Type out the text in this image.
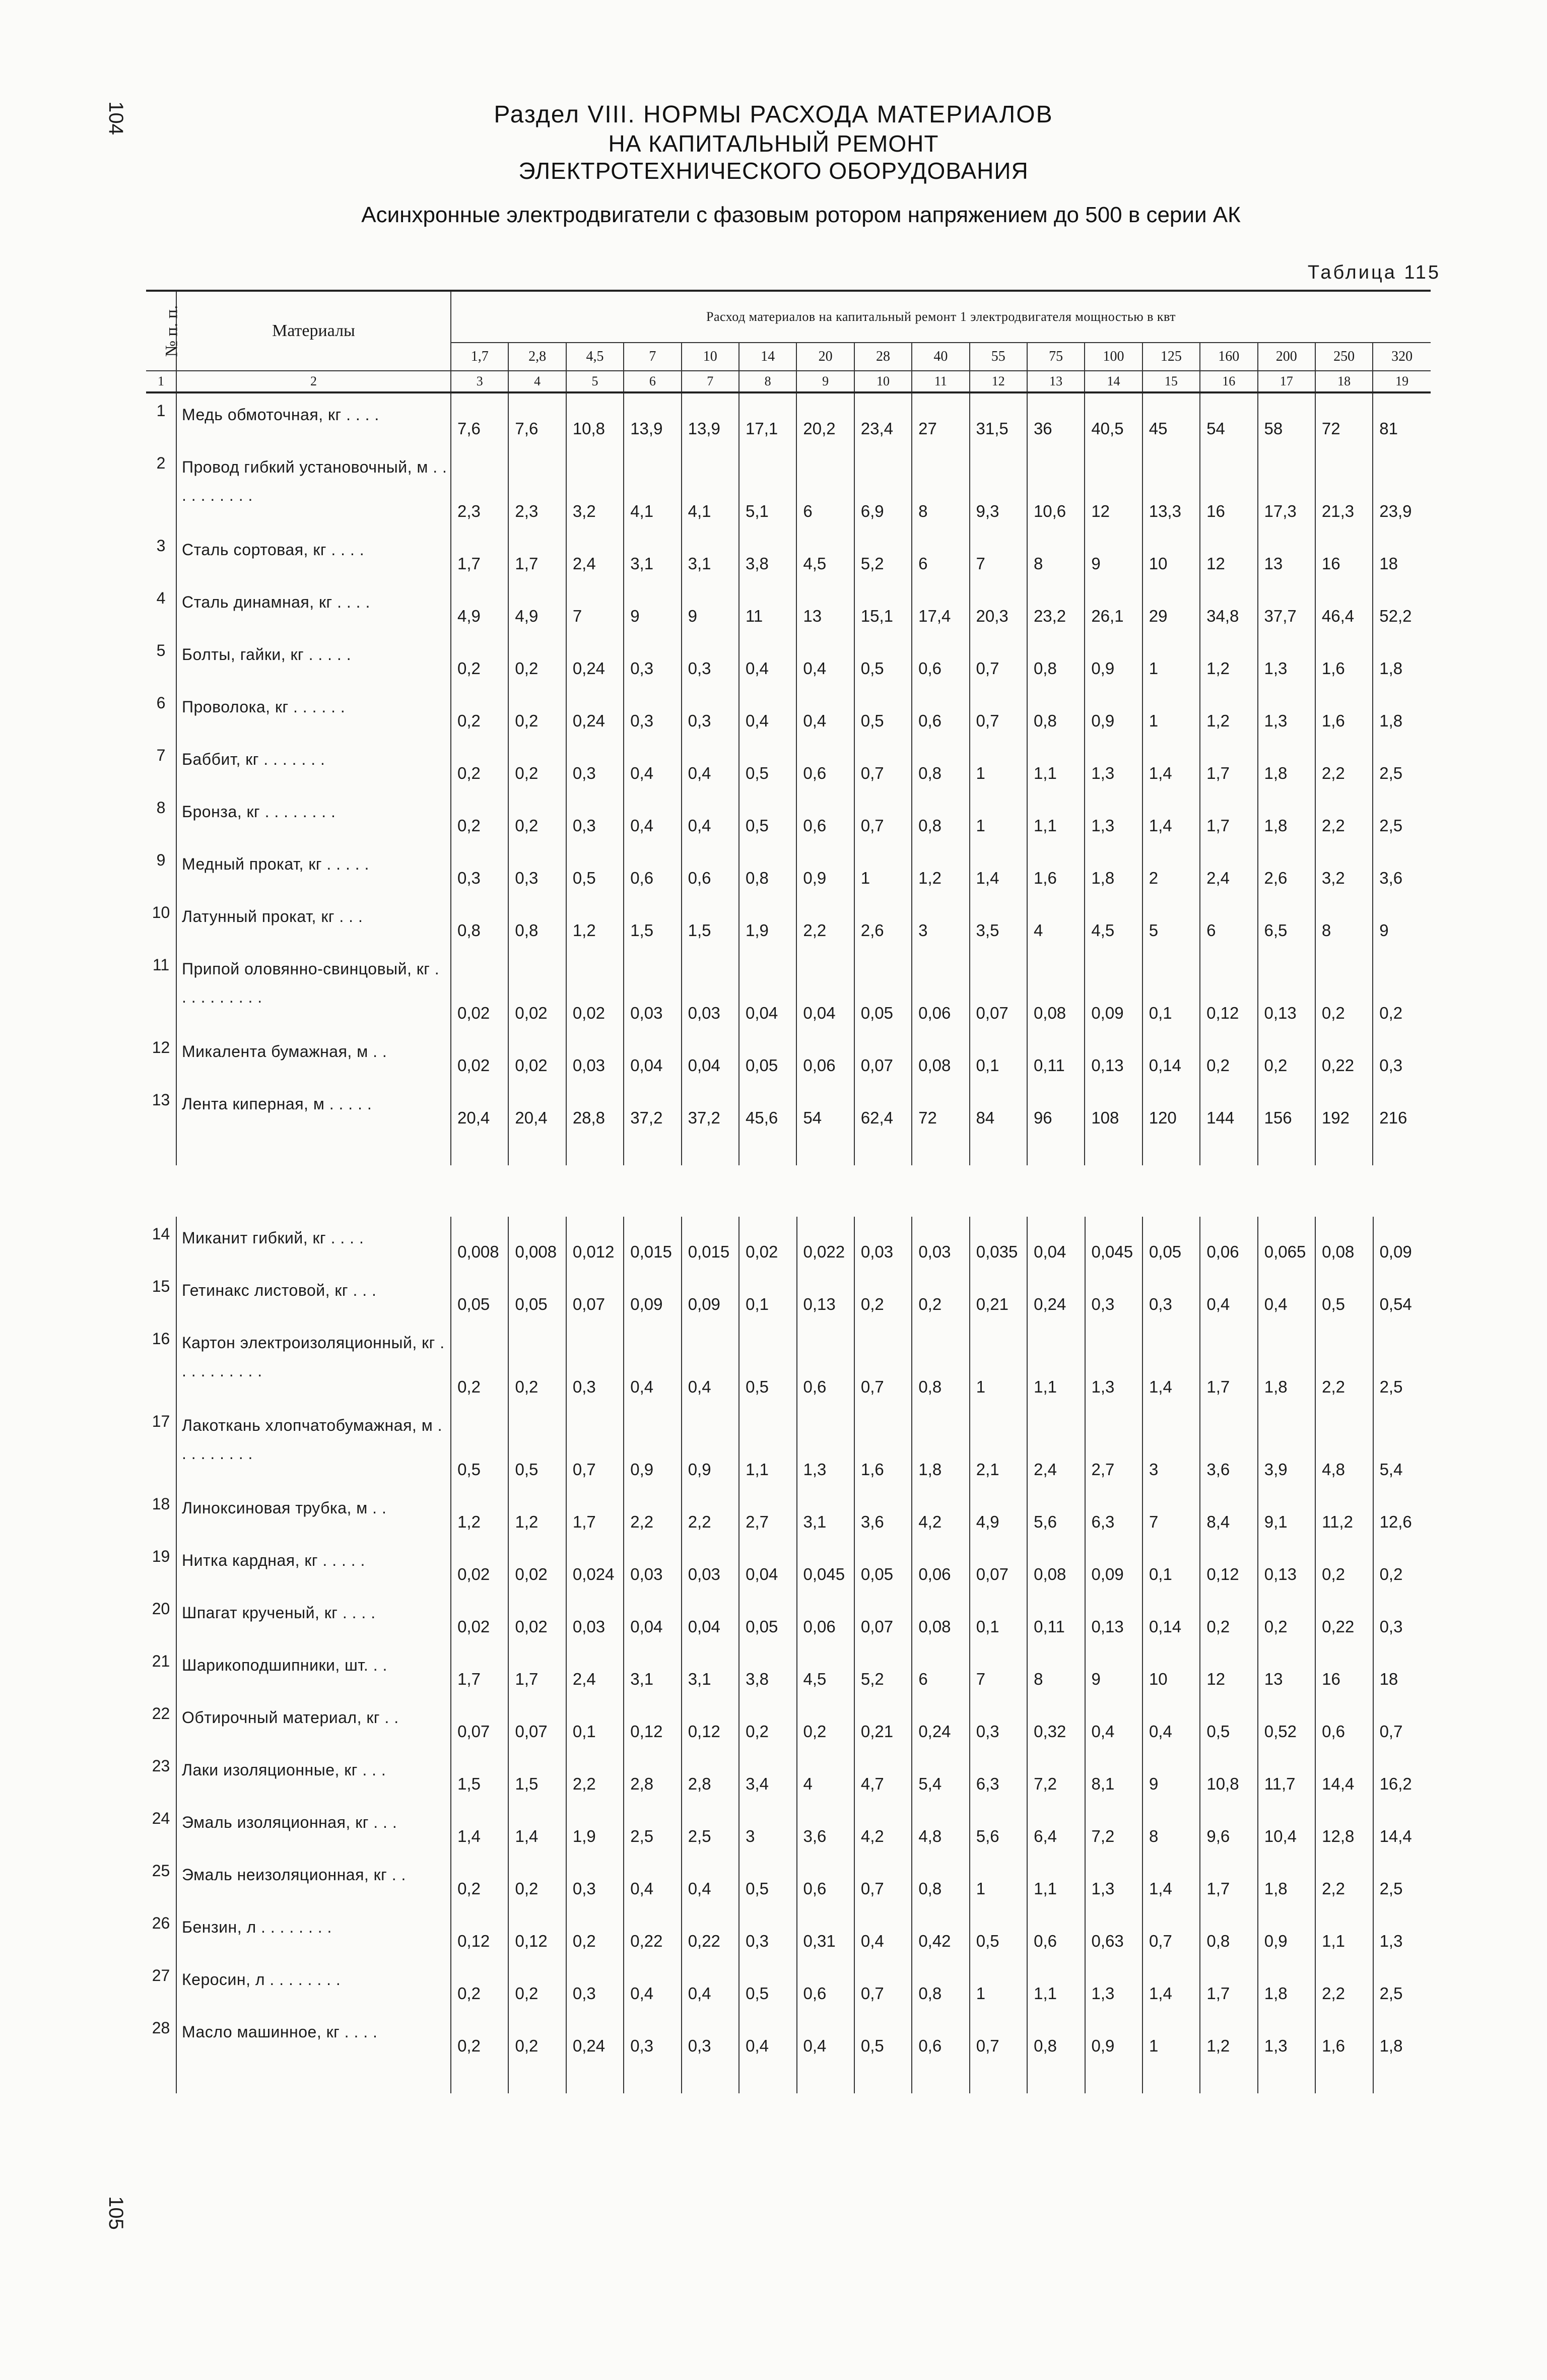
104
105
Раздел VIII. НОРМЫ РАСХОДА МАТЕРИАЛОВ
НА КАПИТАЛЬНЫЙ РЕМОНТ
ЭЛЕКТРОТЕХНИЧЕСКОГО ОБОРУДОВАНИЯ
Асинхронные электродвигатели с фазовым ротором напряжением до 500 в серии АК
Таблица 115
№ п. п.	Материалы	Расход материалов на капитальный ремонт 1 электродвигателя мощностью в квт																
		1,7	2,8	4,5	7	10	14	20	28	40	55	75	100	125	160	200	250	320
1	2	3	4	5	6	7	8	9	10	11	12	13	14	15	16	17	18	19
1	Медь обмоточная, кг . . . .	7,6	7,6	10,8	13,9	13,9	17,1	20,2	23,4	27	31,5	36	40,5	45	54	58	72	81
2	Провод гибкий установочный, м . . . . . . . . . .	2,3	2,3	3,2	4,1	4,1	5,1	6	6,9	8	9,3	10,6	12	13,3	16	17,3	21,3	23,9
3	Сталь сортовая, кг . . . .	1,7	1,7	2,4	3,1	3,1	3,8	4,5	5,2	6	7	8	9	10	12	13	16	18
4	Сталь динамная, кг . . . .	4,9	4,9	7	9	9	11	13	15,1	17,4	20,3	23,2	26,1	29	34,8	37,7	46,4	52,2
5	Болты, гайки, кг . . . . .	0,2	0,2	0,24	0,3	0,3	0,4	0,4	0,5	0,6	0,7	0,8	0,9	1	1,2	1,3	1,6	1,8
6	Проволока, кг . . . . . .	0,2	0,2	0,24	0,3	0,3	0,4	0,4	0,5	0,6	0,7	0,8	0,9	1	1,2	1,3	1,6	1,8
7	Баббит, кг . . . . . . .	0,2	0,2	0,3	0,4	0,4	0,5	0,6	0,7	0,8	1	1,1	1,3	1,4	1,7	1,8	2,2	2,5
8	Бронза, кг . . . . . . . .	0,2	0,2	0,3	0,4	0,4	0,5	0,6	0,7	0,8	1	1,1	1,3	1,4	1,7	1,8	2,2	2,5
9	Медный прокат, кг . . . . .	0,3	0,3	0,5	0,6	0,6	0,8	0,9	1	1,2	1,4	1,6	1,8	2	2,4	2,6	3,2	3,6
10	Латунный прокат, кг . . .	0,8	0,8	1,2	1,5	1,5	1,9	2,2	2,6	3	3,5	4	4,5	5	6	6,5	8	9
11	Припой оловянно-свинцовый, кг . . . . . . . . . .	0,02	0,02	0,02	0,03	0,03	0,04	0,04	0,05	0,06	0,07	0,08	0,09	0,1	0,12	0,13	0,2	0,2
12	Микалента бумажная, м . .	0,02	0,02	0,03	0,04	0,04	0,05	0,06	0,07	0,08	0,1	0,11	0,13	0,14	0,2	0,2	0,22	0,3
13	Лента киперная, м . . . . .	20,4	20,4	28,8	37,2	37,2	45,6	54	62,4	72	84	96	108	120	144	156	192	216

14	Миканит гибкий, кг . . . .	0,008	0,008	0,012	0,015	0,015	0,02	0,022	0,03	0,03	0,035	0,04	0,045	0,05	0,06	0,065	0,08	0,09
15	Гетинакс листовой, кг . . .	0,05	0,05	0,07	0,09	0,09	0,1	0,13	0,2	0,2	0,21	0,24	0,3	0,3	0,4	0,4	0,5	0,54
16	Картон электроизоляционный, кг . . . . . . . . . .	0,2	0,2	0,3	0,4	0,4	0,5	0,6	0,7	0,8	1	1,1	1,3	1,4	1,7	1,8	2,2	2,5
17	Лакоткань хлопчатобумажная, м . . . . . . . . .	0,5	0,5	0,7	0,9	0,9	1,1	1,3	1,6	1,8	2,1	2,4	2,7	3	3,6	3,9	4,8	5,4
18	Линоксиновая трубка, м . .	1,2	1,2	1,7	2,2	2,2	2,7	3,1	3,6	4,2	4,9	5,6	6,3	7	8,4	9,1	11,2	12,6
19	Нитка кардная, кг . . . . .	0,02	0,02	0,024	0,03	0,03	0,04	0,045	0,05	0,06	0,07	0,08	0,09	0,1	0,12	0,13	0,2	0,2
20	Шпагат крученый, кг . . . .	0,02	0,02	0,03	0,04	0,04	0,05	0,06	0,07	0,08	0,1	0,11	0,13	0,14	0,2	0,2	0,22	0,3
21	Шарикоподшипники, шт. . .	1,7	1,7	2,4	3,1	3,1	3,8	4,5	5,2	6	7	8	9	10	12	13	16	18
22	Обтирочный материал, кг . .	0,07	0,07	0,1	0,12	0,12	0,2	0,2	0,21	0,24	0,3	0,32	0,4	0,4	0,5	0,52	0,6	0,7
23	Лаки изоляционные, кг . . .	1,5	1,5	2,2	2,8	2,8	3,4	4	4,7	5,4	6,3	7,2	8,1	9	10,8	11,7	14,4	16,2
24	Эмаль изоляционная, кг . . .	1,4	1,4	1,9	2,5	2,5	3	3,6	4,2	4,8	5,6	6,4	7,2	8	9,6	10,4	12,8	14,4
25	Эмаль неизоляционная, кг . .	0,2	0,2	0,3	0,4	0,4	0,5	0,6	0,7	0,8	1	1,1	1,3	1,4	1,7	1,8	2,2	2,5
26	Бензин, л . . . . . . . .	0,12	0,12	0,2	0,22	0,22	0,3	0,31	0,4	0,42	0,5	0,6	0,63	0,7	0,8	0,9	1,1	1,3
27	Керосин, л . . . . . . . .	0,2	0,2	0,3	0,4	0,4	0,5	0,6	0,7	0,8	1	1,1	1,3	1,4	1,7	1,8	2,2	2,5
28	Масло машинное, кг . . . .	0,2	0,2	0,24	0,3	0,3	0,4	0,4	0,5	0,6	0,7	0,8	0,9	1	1,2	1,3	1,6	1,8
